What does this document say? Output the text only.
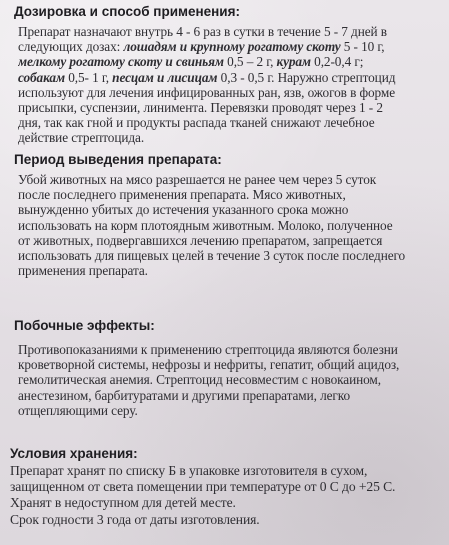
Дозировка и способ применения:

Препарат назначают внутрь 4 - 6 раз в сутки в течение 5 - 7 дней в
следующих дозах: лошадям и крупному рогатому скоту 5 - 10 г,
мелкому рогатому скоту и свиньям 0,5 – 2 г, курам 0,2-0,4 г;
собакам 0,5- 1 г, песцам и лисицам 0,3 - 0,5 г. Наружно стрептоцид
используют для лечения инфицированных ран, язв, ожогов в форме
присыпки, суспензии, линимента. Перевязки проводят через 1 - 2
дня, так как гной и продукты распада тканей снижают лечебное
действие стрептоцида.

Период выведения препарата:

Убой животных на мясо разрешается не ранее чем через 5 суток
после последнего применения препарата. Мясо животных,
вынужденно убитых до истечения указанного срока можно
использовать на корм плотоядным животным. Молоко, полученное
от животных, подвергавшихся лечению препаратом, запрещается
использовать для пищевых целей в течение 3 суток после последнего
применения препарата.

Побочные эффекты:

Противопоказаниями к применению стрептоцида являются болезни
кроветворной системы, нефрозы и нефриты, гепатит, общий ацидоз,
гемолитическая анемия. Стрептоцид несовместим с новокаином,
анестезином, барбитуратами и другими препаратами, легко
отщепляющими серу.

Условия хранения:

Препарат хранят по списку Б в упаковке изготовителя в сухом,
защищенном от света помещении при температуре от 0 С до +25 С.
Хранят в недоступном для детей месте.
Срок годности 3 года от даты изготовления.
